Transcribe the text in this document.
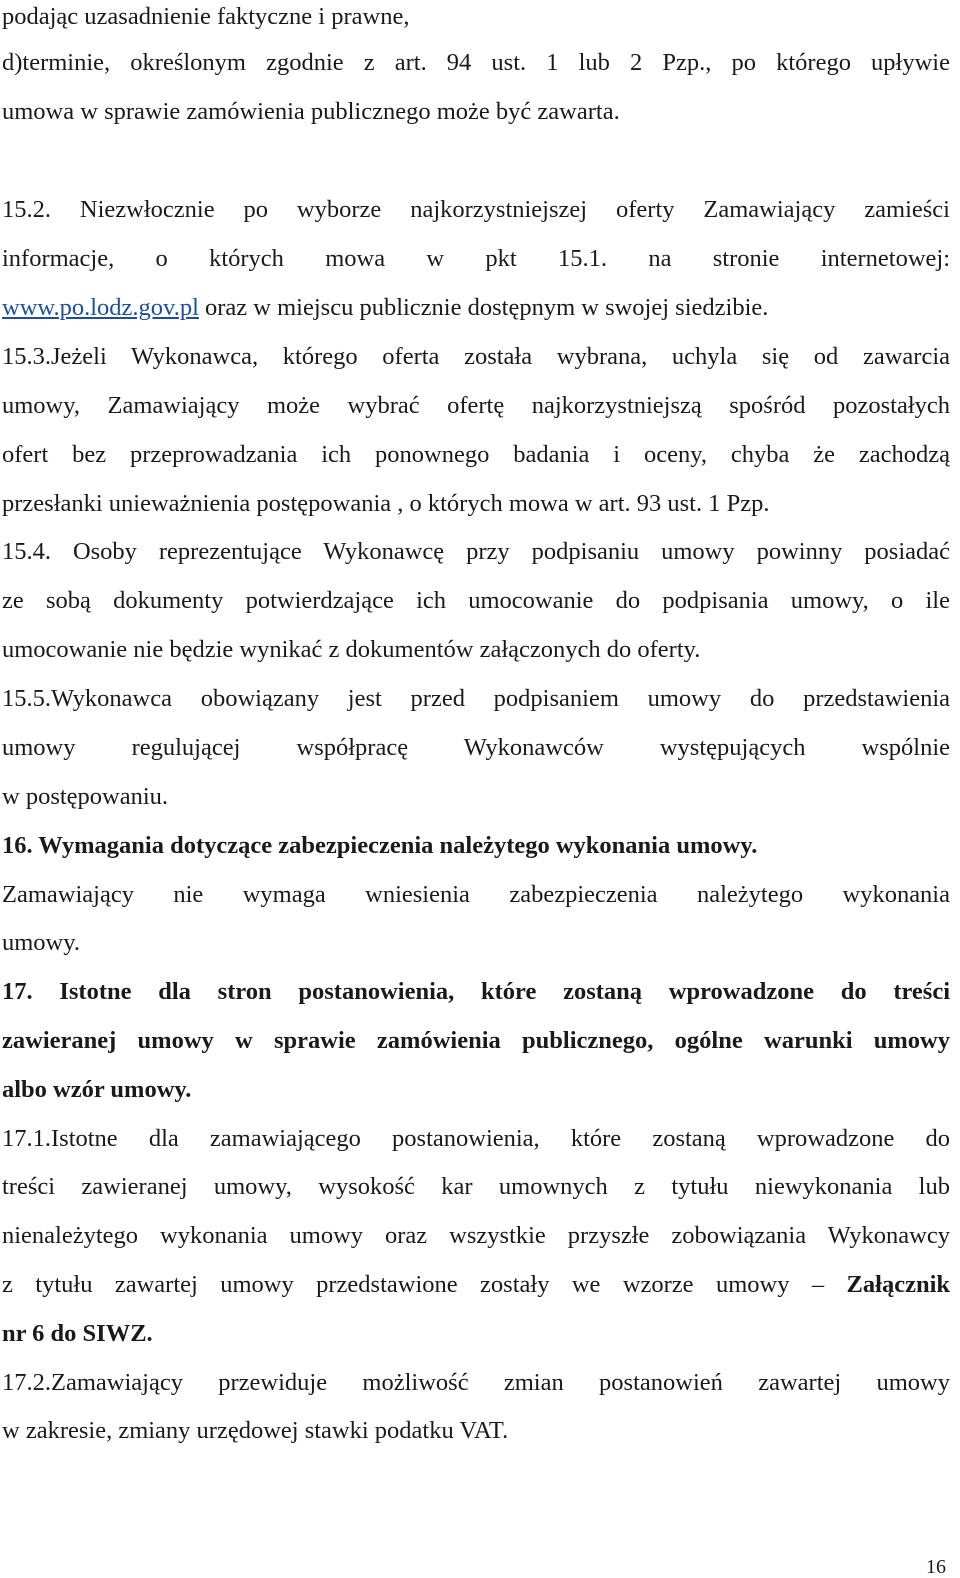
podając uzasadnienie faktyczne i prawne,
d)terminie, określonym zgodnie z art. 94 ust. 1 lub 2 Pzp., po którego upływie
umowa w sprawie zamówienia publicznego może być zawarta.
15.2. Niezwłocznie po wyborze najkorzystniejszej oferty Zamawiający zamieści
informacje, o których mowa w pkt 15.1. na stronie internetowej:
www.po.lodz.gov.pl oraz w miejscu publicznie dostępnym w swojej siedzibie.
15.3.Jeżeli Wykonawca, którego oferta została wybrana, uchyla się od zawarcia
umowy, Zamawiający może wybrać ofertę najkorzystniejszą spośród pozostałych
ofert bez przeprowadzania ich ponownego badania i oceny, chyba że zachodzą
przesłanki unieważnienia postępowania , o których mowa w art. 93 ust. 1 Pzp.
15.4. Osoby reprezentujące Wykonawcę przy podpisaniu umowy powinny posiadać
ze sobą dokumenty potwierdzające ich umocowanie do podpisania umowy, o ile
umocowanie nie będzie wynikać z dokumentów załączonych do oferty.
15.5.Wykonawca obowiązany jest przed podpisaniem umowy do przedstawienia
umowy regulującej współpracę Wykonawców występujących wspólnie
w postępowaniu.
16. Wymagania dotyczące zabezpieczenia należytego wykonania umowy.
Zamawiający nie wymaga wniesienia zabezpieczenia należytego wykonania
umowy.
17. Istotne dla stron postanowienia, które zostaną wprowadzone do treści
zawieranej umowy w sprawie zamówienia publicznego, ogólne warunki umowy
albo wzór umowy.
17.1.Istotne dla zamawiającego postanowienia, które zostaną wprowadzone do
treści zawieranej umowy, wysokość kar umownych z tytułu niewykonania lub
nienależytego wykonania umowy oraz wszystkie przyszłe zobowiązania Wykonawcy
z tytułu zawartej umowy przedstawione zostały we wzorze umowy – Załącznik
nr 6 do SIWZ.
17.2.Zamawiający przewiduje możliwość zmian postanowień zawartej umowy
w zakresie, zmiany urzędowej stawki podatku VAT.
16
